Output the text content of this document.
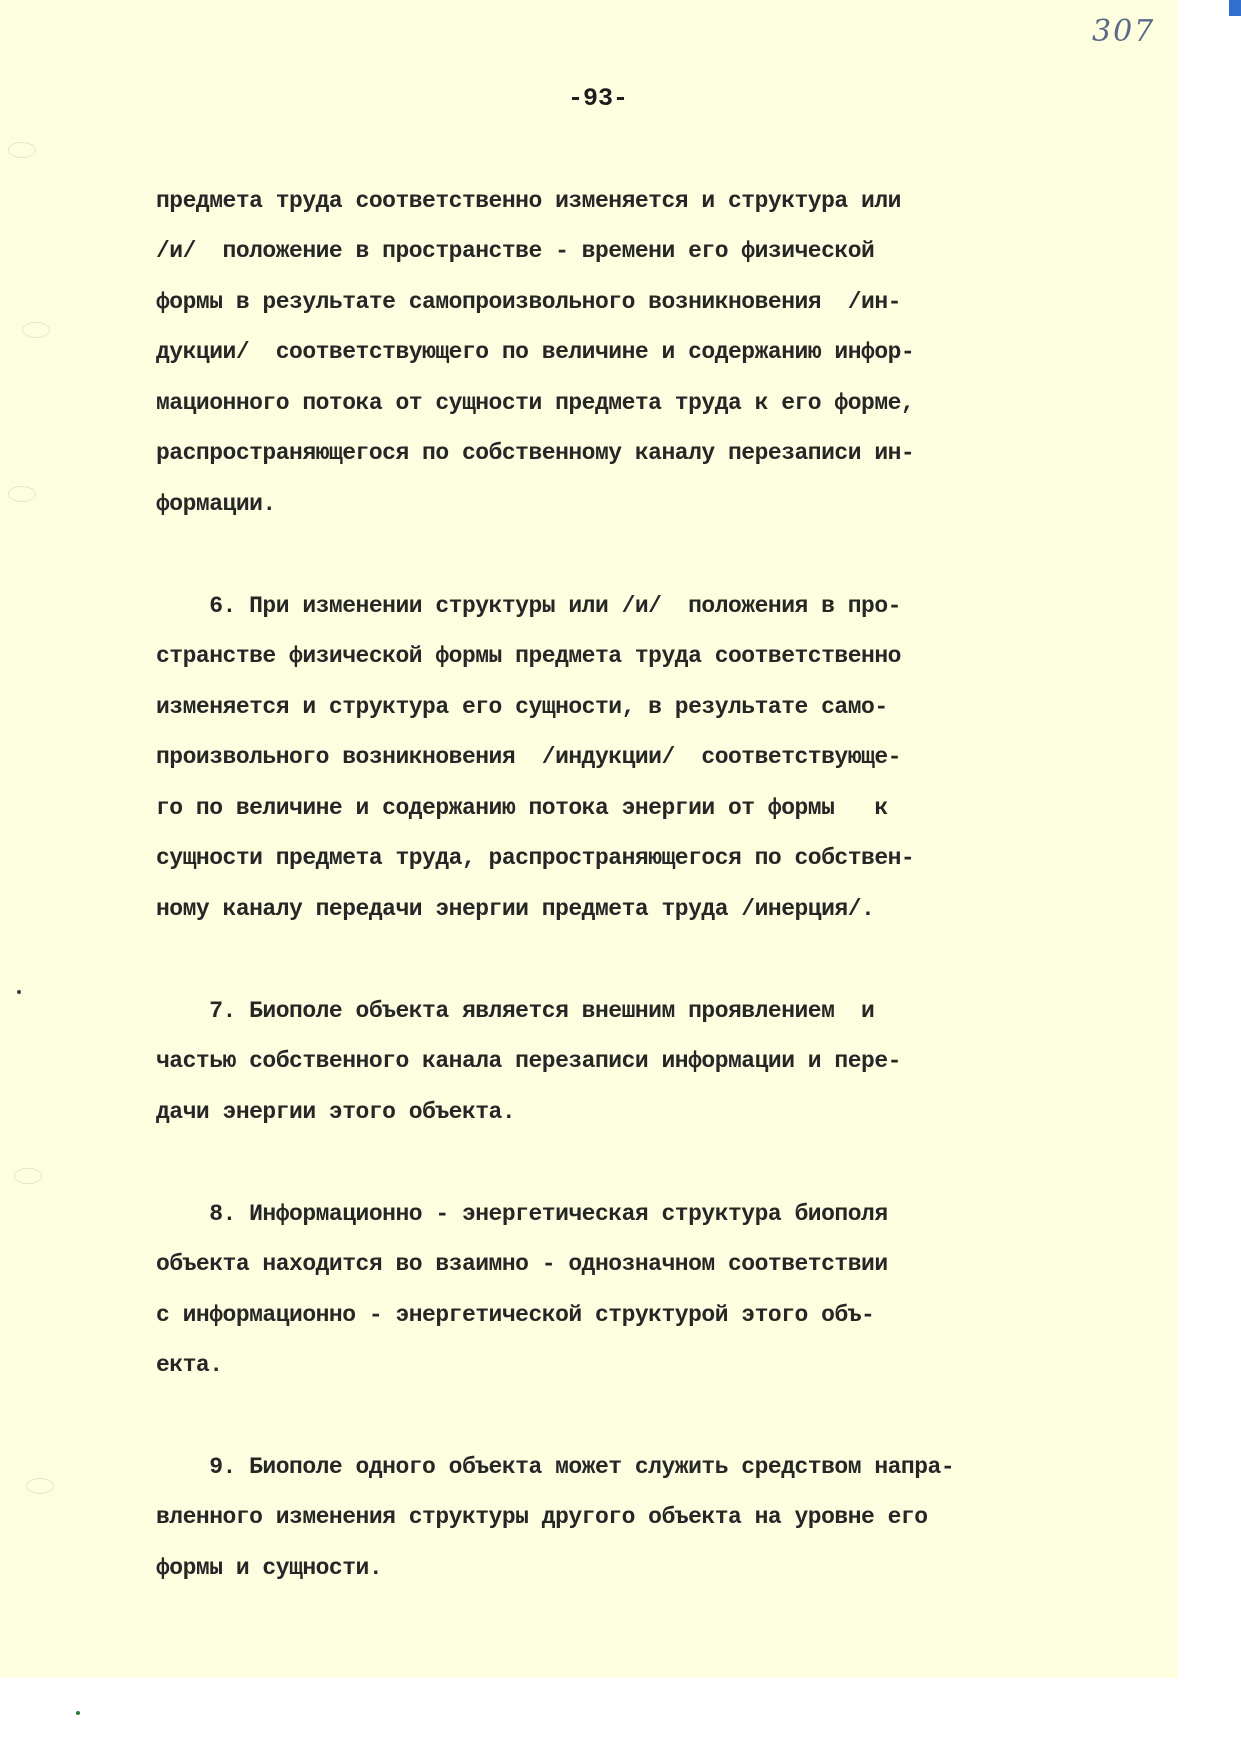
307
-93-

предмета труда соответственно изменяется и структура или

/и/  положение в пространстве - времени его физической

формы в результате самопроизвольного возникновения  /ин-

дукции/  соответствующего по величине и содержанию инфор-

мационного потока от сущности предмета труда к его форме,

распространяющегося по собственному каналу перезаписи ин-

формации.

6. При изменении структуры или /и/  положения в про-

странстве физической формы предмета труда соответственно

изменяется и структура его сущности, в результате само-

произвольного возникновения  /индукции/  соответствующе-

го по величине и содержанию потока энергии от формы   к

сущности предмета труда, распространяющегося по собствен-

ному каналу передачи энергии предмета труда /инерция/.

7. Биополе объекта является внешним проявлением  и

частью собственного канала перезаписи информации и пере-

дачи энергии этого объекта.

8. Информационно - энергетическая структура биополя

объекта находится во взаимно - однозначном соответствии

с информационно - энергетической структурой этого объ-

екта.

9. Биополе одного объекта может служить средством напра-

вленного изменения структуры другого объекта на уровне его

формы и сущности.
